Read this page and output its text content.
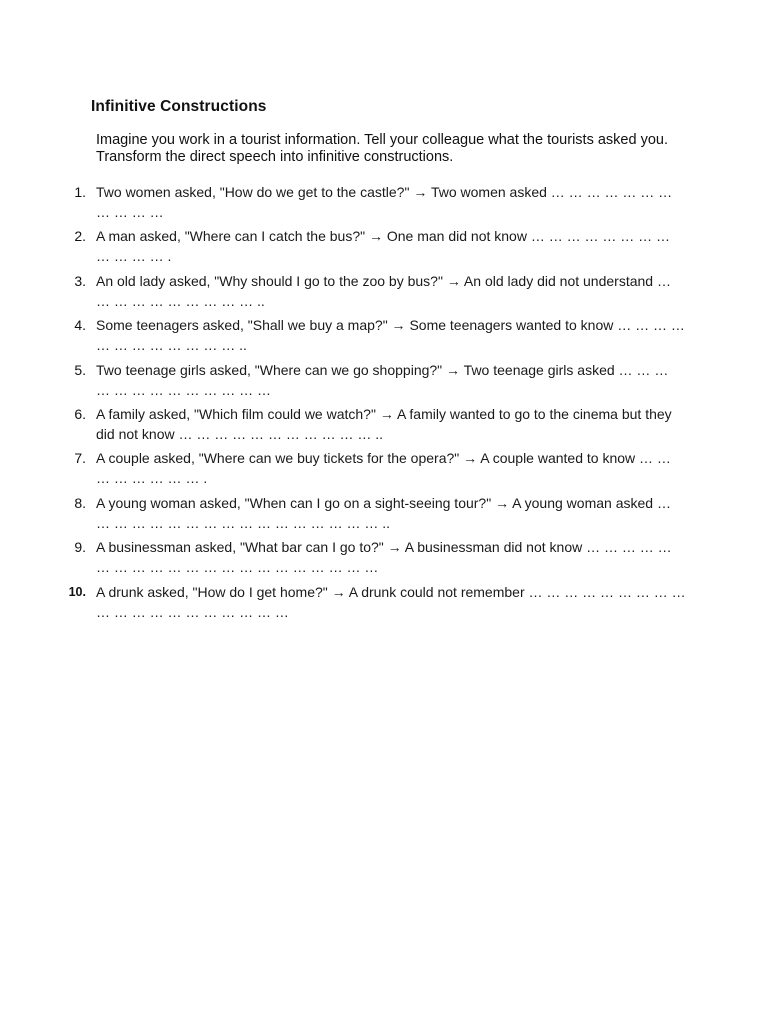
Infinitive Constructions
Imagine you work in a tourist information. Tell your colleague what the tourists asked you. Transform the direct speech into infinitive constructions.
1. Two women asked, "How do we get to the castle?" → Two women asked … … … … … … … … … … …
2. A man asked, "Where can I catch the bus?" → One man did not know … … … … … … … … … … … … .
3. An old lady asked, "Why should I go to the zoo by bus?" → An old lady did not understand … … … … … … … … … … ..
4. Some teenagers asked, "Shall we buy a map?" → Some teenagers wanted to know … … … … … … … … … … … … ..
5. Two teenage girls asked, "Where can we go shopping?" → Two teenage girls asked … … … … … … … … … … … … …
6. A family asked, "Which film could we watch?" → A family wanted to go to the cinema but they did not know … … … … … … … … … … … ..
7. A couple asked, "Where can we buy tickets for the opera?" → A couple wanted to know … … … … … … … … .
8. A young woman asked, "When can I go on a sight-seeing tour?" → A young woman asked … … … … … … … … … … … … … … … … … ..
9. A businessman asked, "What bar can I go to?" → A businessman did not know … … … … … … … … … … … … … … … … … … … … …
10. A drunk asked, "How do I get home?" → A drunk could not remember … … … … … … … … … … … … … … … … … … … …
